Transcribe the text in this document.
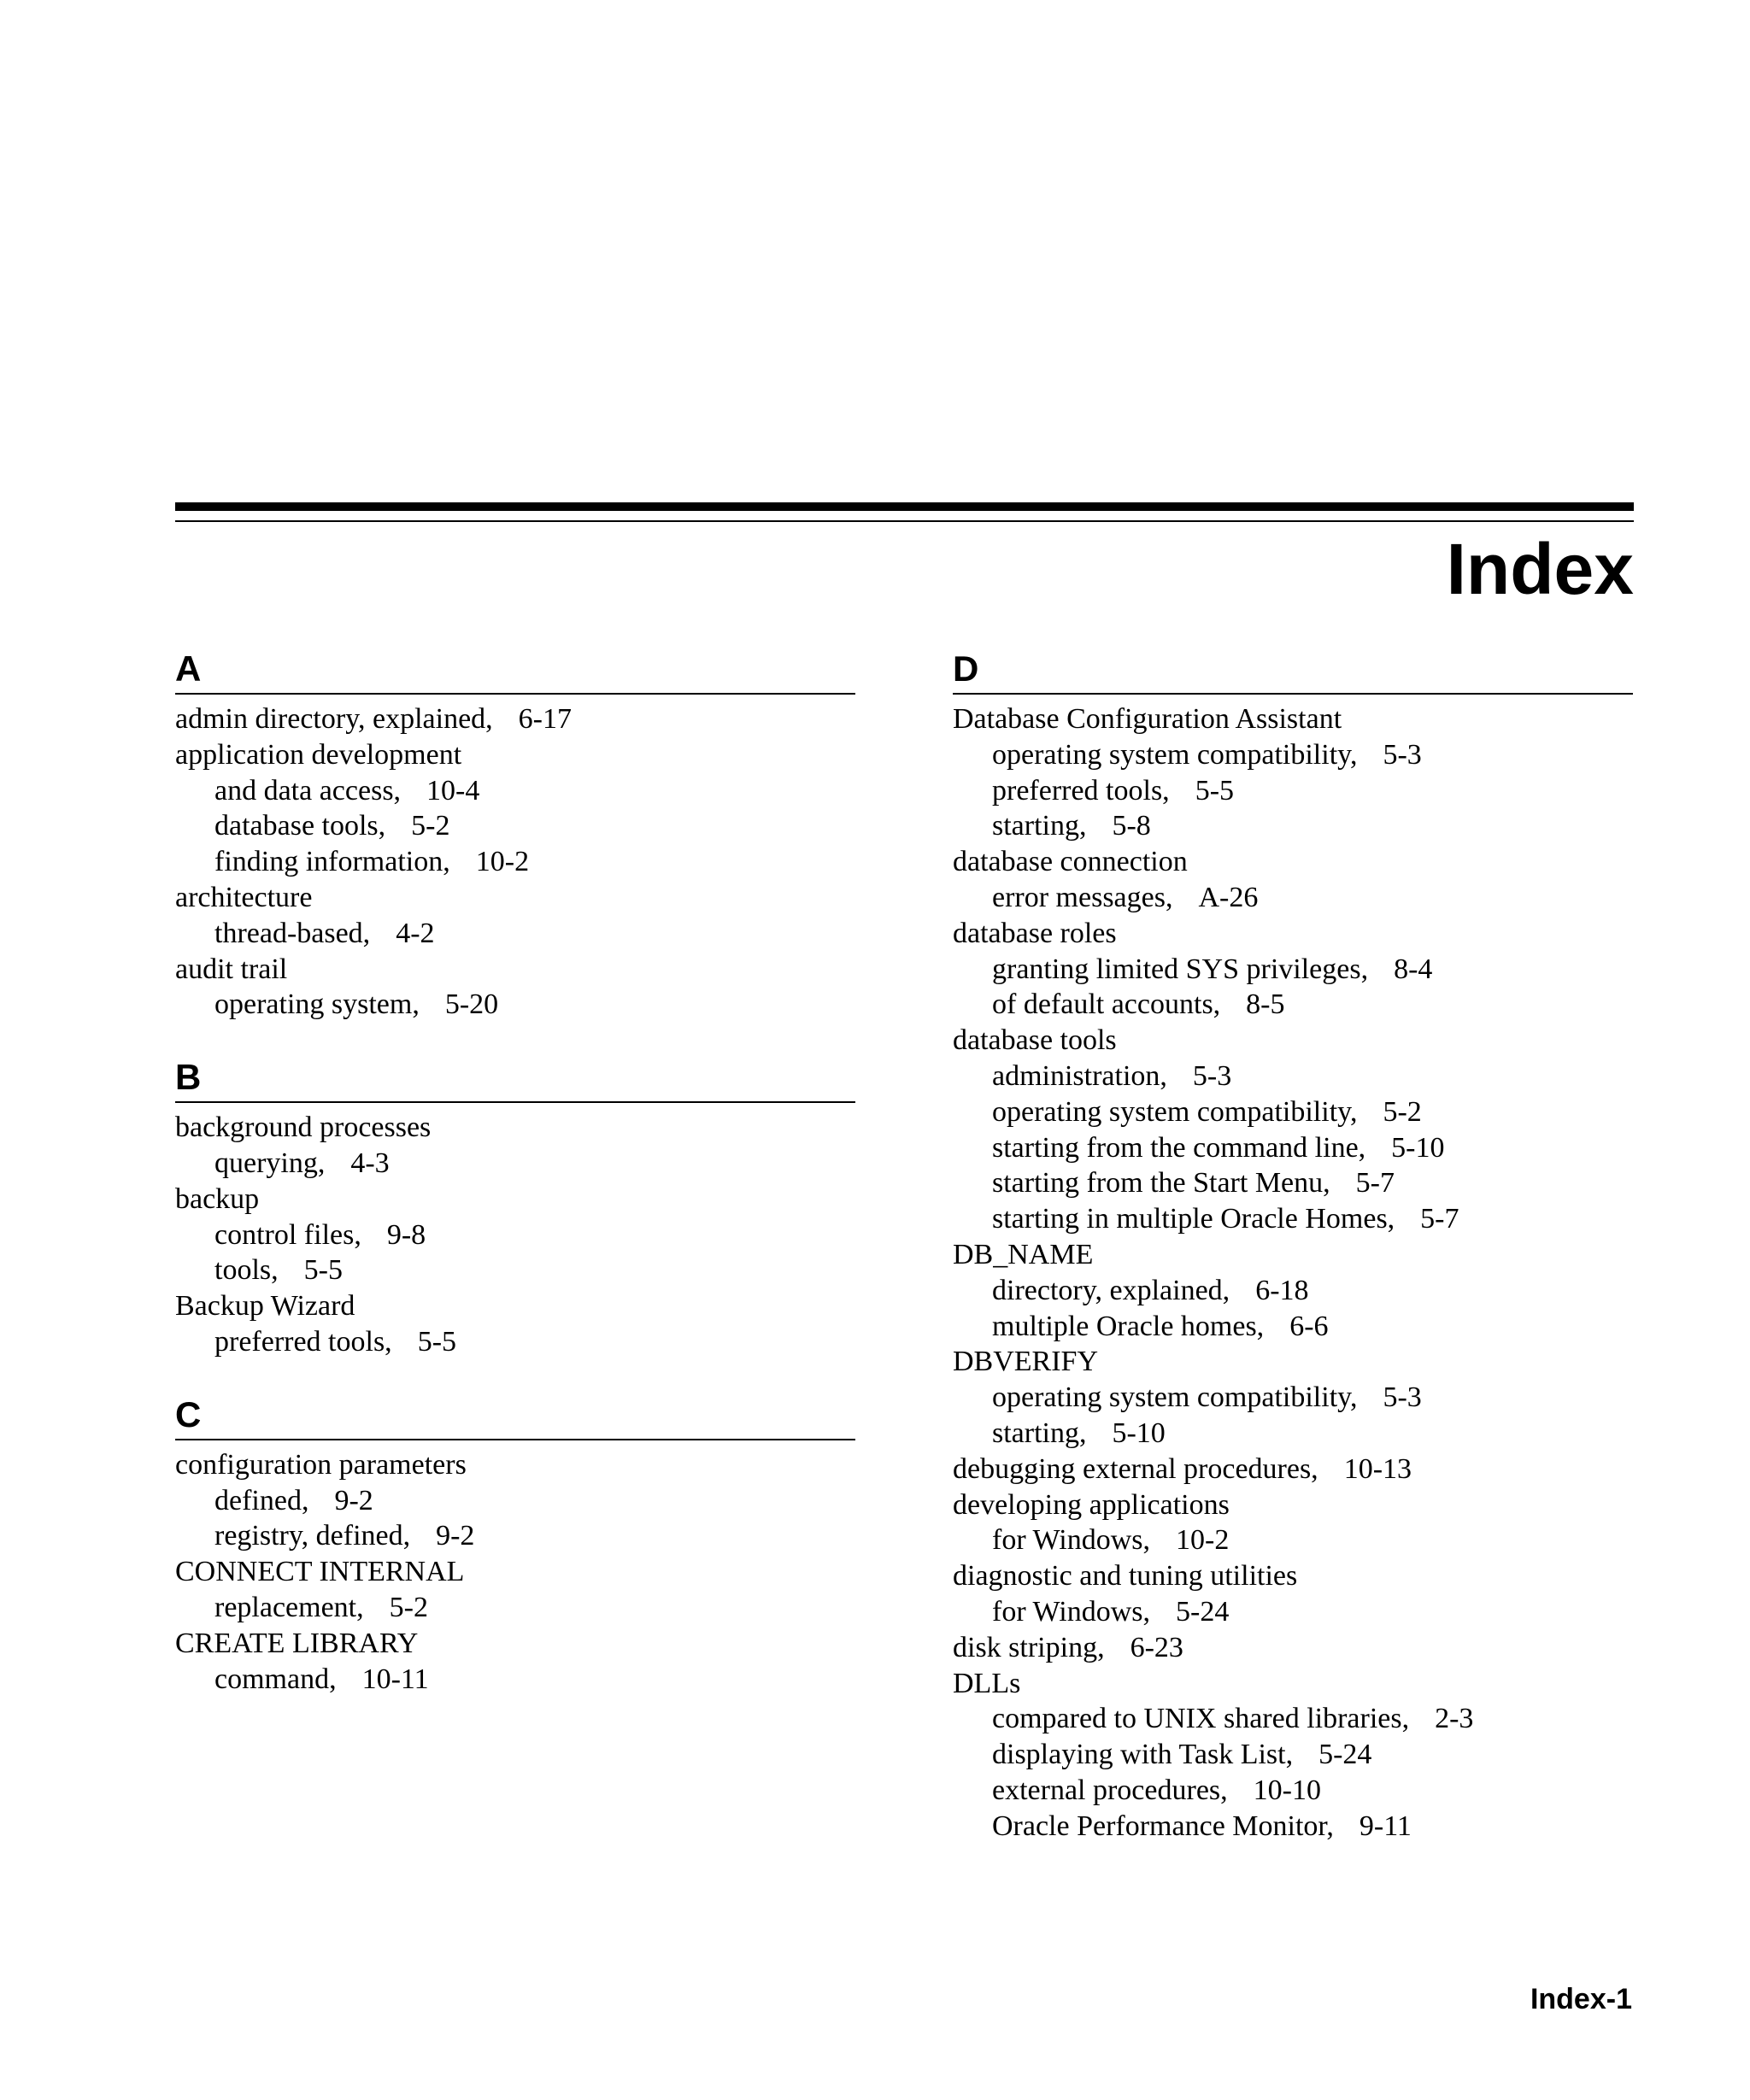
Index
A
admin directory, explained, 6-17
application development
and data access, 10-4
database tools, 5-2
finding information, 10-2
architecture
thread-based, 4-2
audit trail
operating system, 5-20
B
background processes
querying, 4-3
backup
control files, 9-8
tools, 5-5
Backup Wizard
preferred tools, 5-5
C
configuration parameters
defined, 9-2
registry, defined, 9-2
CONNECT INTERNAL
replacement, 5-2
CREATE LIBRARY
command, 10-11
D
Database Configuration Assistant
operating system compatibility, 5-3
preferred tools, 5-5
starting, 5-8
database connection
error messages, A-26
database roles
granting limited SYS privileges, 8-4
of default accounts, 8-5
database tools
administration, 5-3
operating system compatibility, 5-2
starting from the command line, 5-10
starting from the Start Menu, 5-7
starting in multiple Oracle Homes, 5-7
DB_NAME
directory, explained, 6-18
multiple Oracle homes, 6-6
DBVERIFY
operating system compatibility, 5-3
starting, 5-10
debugging external procedures, 10-13
developing applications
for Windows, 10-2
diagnostic and tuning utilities
for Windows, 5-24
disk striping, 6-23
DLLs
compared to UNIX shared libraries, 2-3
displaying with Task List, 5-24
external procedures, 10-10
Oracle Performance Monitor, 9-11
Index-1
